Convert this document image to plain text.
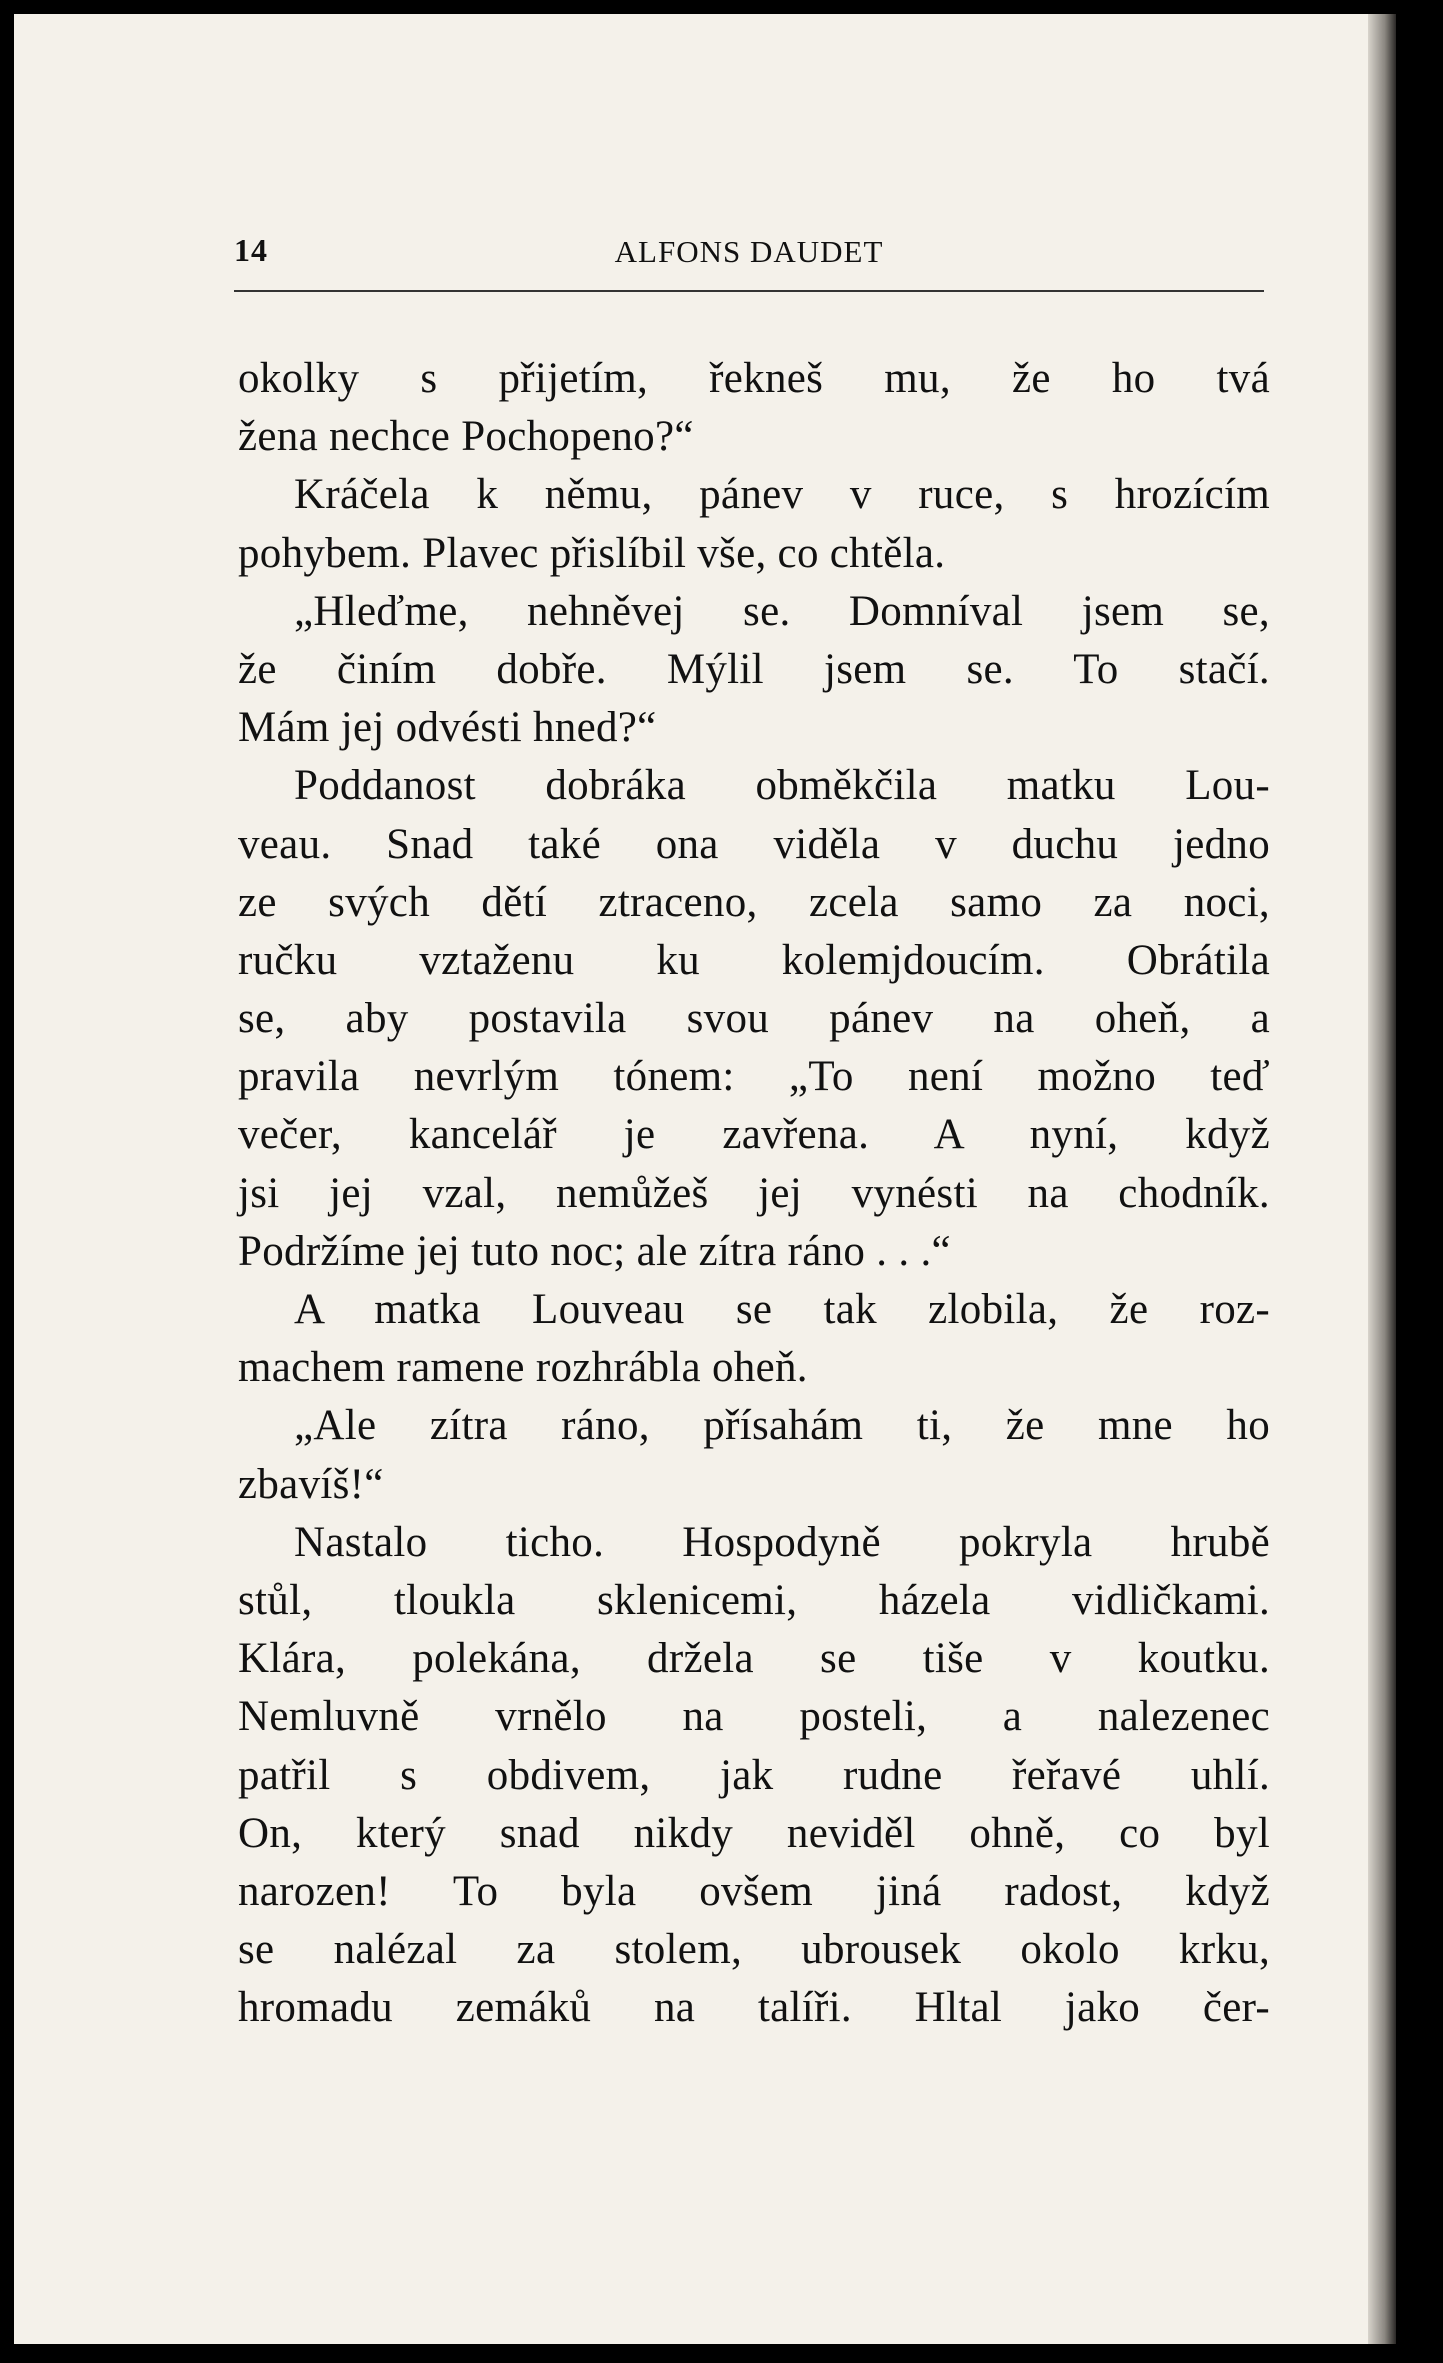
14	ALFONS DAUDET
okolky s přijetím, řekneš mu, že ho tvá
žena nechce Pochopeno?“
Kráčela k němu, pánev v ruce, s hrozícím
pohybem. Plavec přislíbil vše, co chtěla.
„Hleďme, nehněvej se. Domníval jsem se,
že činím dobře. Mýlil jsem se. To stačí.
Mám jej odvésti hned?“
Poddanost dobráka obměkčila matku Lou-
veau. Snad také ona viděla v duchu jedno
ze svých dětí ztraceno, zcela samo za noci,
ručku vztaženu ku kolemjdoucím. Obrátila
se, aby postavila svou pánev na oheň, a
pravila nevrlým tónem: „To není možno teď
večer, kancelář je zavřena. A nyní, když
jsi jej vzal, nemůžeš jej vynésti na chodník.
Podržíme jej tuto noc; ale zítra ráno . . .“
A matka Louveau se tak zlobila, že roz-
machem ramene rozhrábla oheň.
„Ale zítra ráno, přísahám ti, že mne ho
zbavíš!“
Nastalo ticho. Hospodyně pokryla hrubě
stůl, tloukla sklenicemi, házela vidličkami.
Klára, polekána, držela se tiše v koutku.
Nemluvně vrnělo na posteli, a nalezenec
patřil s obdivem, jak rudne řeřavé uhlí.
On, který snad nikdy neviděl ohně, co byl
narozen! To byla ovšem jiná radost, když
se nalézal za stolem, ubrousek okolo krku,
hromadu zemáků na talíři. Hltal jako čer-
